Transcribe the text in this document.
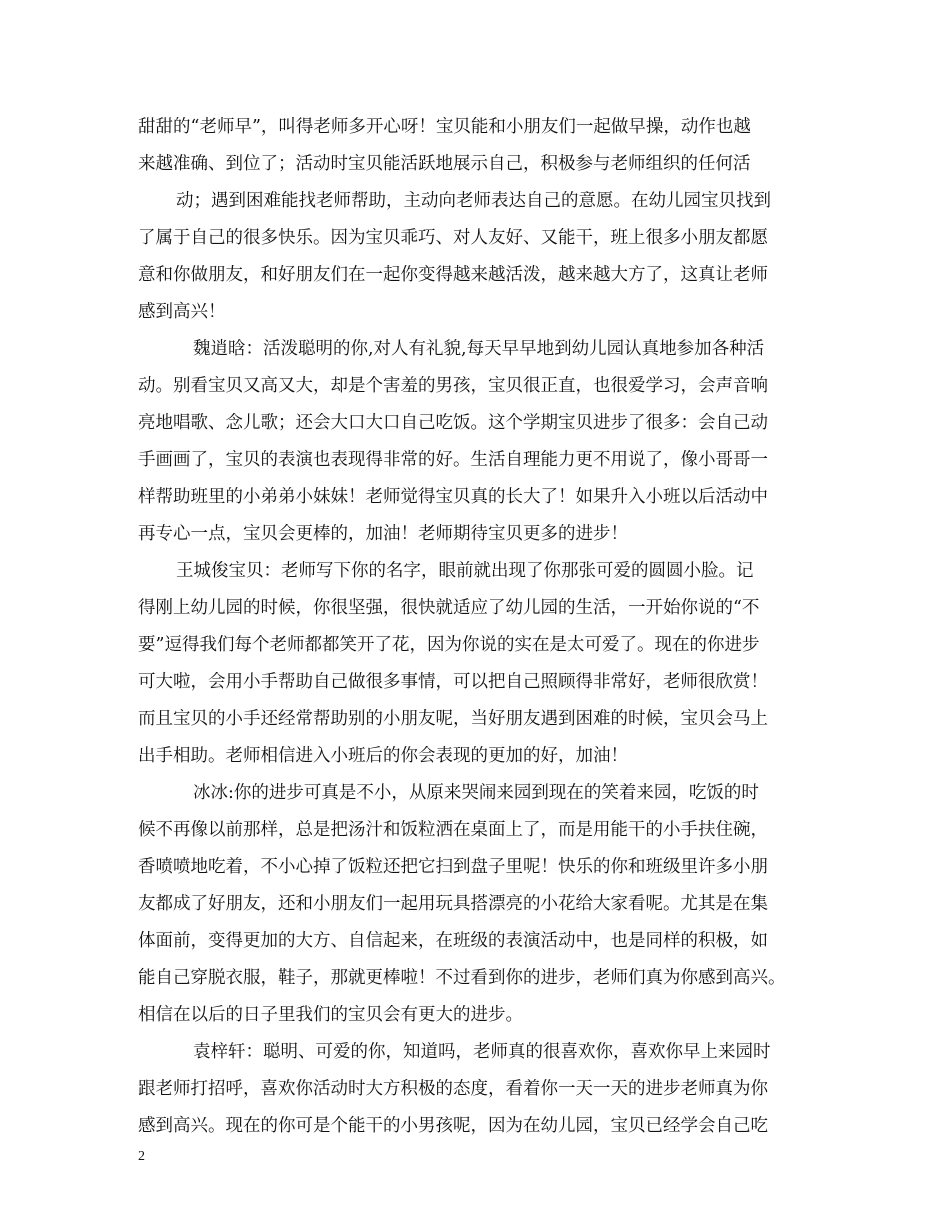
甜甜的“老师早”，叫得老师多开心呀！宝贝能和小朋友们一起做早操，动作也越
来越准确、到位了；活动时宝贝能活跃地展示自己，积极参与老师组织的任何活
动；遇到困难能找老师帮助，主动向老师表达自己的意愿。在幼儿园宝贝找到
了属于自己的很多快乐。因为宝贝乖巧、对人友好、又能干，班上很多小朋友都愿
意和你做朋友，和好朋友们在一起你变得越来越活泼，越来越大方了，这真让老师
感到高兴！
魏逍晗：活泼聪明的你,对人有礼貌,每天早早地到幼儿园认真地参加各种活
动。别看宝贝又高又大，却是个害羞的男孩，宝贝很正直，也很爱学习，会声音响
亮地唱歌、念儿歌；还会大口大口自己吃饭。这个学期宝贝进步了很多：会自己动
手画画了，宝贝的表演也表现得非常的好。生活自理能力更不用说了，像小哥哥一
样帮助班里的小弟弟小妹妹！老师觉得宝贝真的长大了！如果升入小班以后活动中
再专心一点，宝贝会更棒的，加油！老师期待宝贝更多的进步！
王城俊宝贝：老师写下你的名字，眼前就出现了你那张可爱的圆圆小脸。记
得刚上幼儿园的时候，你很坚强，很快就适应了幼儿园的生活，一开始你说的“不
要”逗得我们每个老师都都笑开了花，因为你说的实在是太可爱了。现在的你进步
可大啦，会用小手帮助自己做很多事情，可以把自己照顾得非常好，老师很欣赏！
而且宝贝的小手还经常帮助别的小朋友呢，当好朋友遇到困难的时候，宝贝会马上
出手相助。老师相信进入小班后的你会表现的更加的好，加油！
冰冰:你的进步可真是不小，从原来哭闹来园到现在的笑着来园，吃饭的时
候不再像以前那样，总是把汤汁和饭粒洒在桌面上了，而是用能干的小手扶住碗，
香喷喷地吃着，不小心掉了饭粒还把它扫到盘子里呢！快乐的你和班级里许多小朋
友都成了好朋友，还和小朋友们一起用玩具搭漂亮的小花给大家看呢。尤其是在集
体面前，变得更加的大方、自信起来，在班级的表演活动中，也是同样的积极，如
能自己穿脱衣服，鞋子，那就更棒啦！不过看到你的进步，老师们真为你感到高兴。
相信在以后的日子里我们的宝贝会有更大的进步。
袁梓轩：聪明、可爱的你，知道吗，老师真的很喜欢你，喜欢你早上来园时
跟老师打招呼，喜欢你活动时大方积极的态度，看着你一天一天的进步老师真为你
感到高兴。现在的你可是个能干的小男孩呢，因为在幼儿园，宝贝已经学会自己吃
2
